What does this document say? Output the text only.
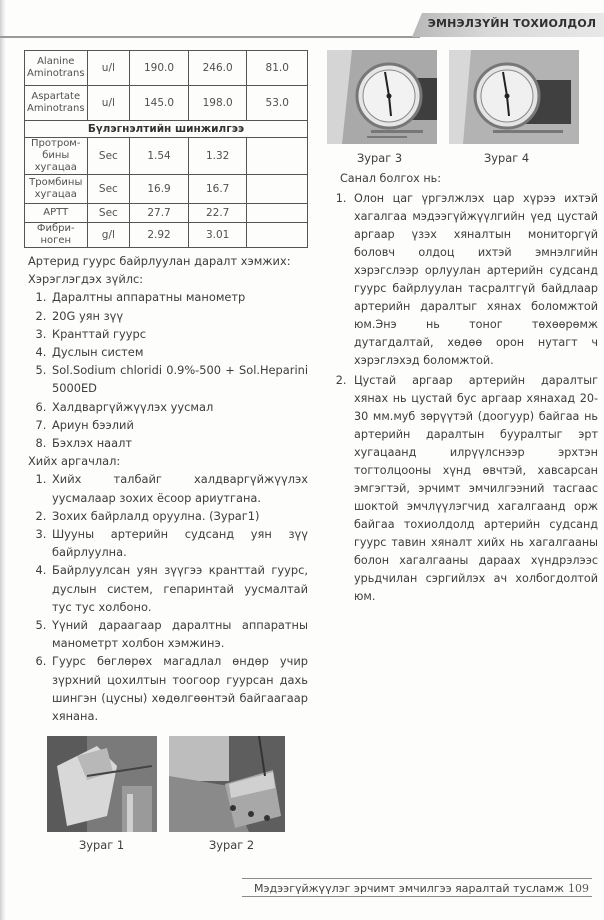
ЭМНЭЛЗҮЙН ТОХИОЛДОЛ
Alanine Aminotrans	u/l	190.0	246.0	81.0
Aspartate Aminotrans	u/l	145.0	198.0	53.0
Бүлэгнэлтийн шинжилгээ				
Протром-бины хугацаа	Sec	1.54	1.32	
Тромбины хугацаа	Sec	16.9	16.7	
APTT	Sec	27.7	22.7	
Фибри-ноген	g/l	2.92	3.01	

Артерид гуурс байрлуулан даралт хэмжих:

Хэрэглэгдэх зүйлс:

1. Даралтны аппаратны манометр
2. 20G уян зүү
3. Кранттай гуурс
4. Дуслын систем
5. Sol.Sodium chloridi 0.9%-500 + Sol.Heparini 5000ED
6. Халдваргүйжүүлэх уусмал
7. Ариун бээлий
8. Бэхлэх наалт

Хийх аргачлал:

1. Хийх талбайг халдваргүйжүүлэх уусмалаар зохих ёсоор ариутгана.
2. Зохих байрлалд оруулна. (Зураг1)
3. Шууны артерийн судсанд уян зүү байрлуулна.
4. Байрлуулсан уян зүүгээ кранттай гуурс, дуслын систем, гепаринтай уусмалтай тус тус холбоно.
5. Үүний дараагаар даралтны аппаратны манометрт холбон хэмжинэ.
6. Гуурс бөглөрөх магадлал өндөр учир зүрхний цохилтын тоогоор гуурсан дахь шингэн (цусны) хөдөлгөөнтэй байгаагаар хянана.
Зураг 1	Зураг 2
Зураг 3	Зураг 4

Санал болгох нь:

1. Олон цаг үргэлжлэх цар хүрээ ихтэй хагалгаа мэдээгүйжүүлгийн үед цустай аргаар үзэх хяналтын мониторгүй боловч олдоц ихтэй эмнэлгийн хэрэгслээр орлуулан артерийн судсанд гуурс байрлуулан тасралтгүй байдлаар артерийн даралтыг хянах боломжтой юм.Энэ нь тоног төхөөрөмж дутагдалтай, хөдөө орон нутагт ч хэрэглэхэд боломжтой.
2. Цустай аргаар артерийн даралтыг хянах нь цустай бус аргаар хянахад 20-30 мм.муб зөрүүтэй (доогуур) байгаа нь артерийн даралтын бууралтыг эрт хугацаанд илрүүлснээр эрхтэн тогтолцооны хүнд өвчтэй, хавсарсан эмгэгтэй, эрчимт эмчилгээний тасгаас шоктой эмчлүүлэгчид хагалгаанд орж байгаа тохиолдолд артерийн судсанд гуурс тавин хяналт хийх нь хагалгааны болон хагалгааны дараах хүндрэлээс урьдчилан сэргийлэх ач холбогдолтой юм.
Мэдээгүйжүүлэг эрчимт эмчилгээ яаралтай тусламж 109
